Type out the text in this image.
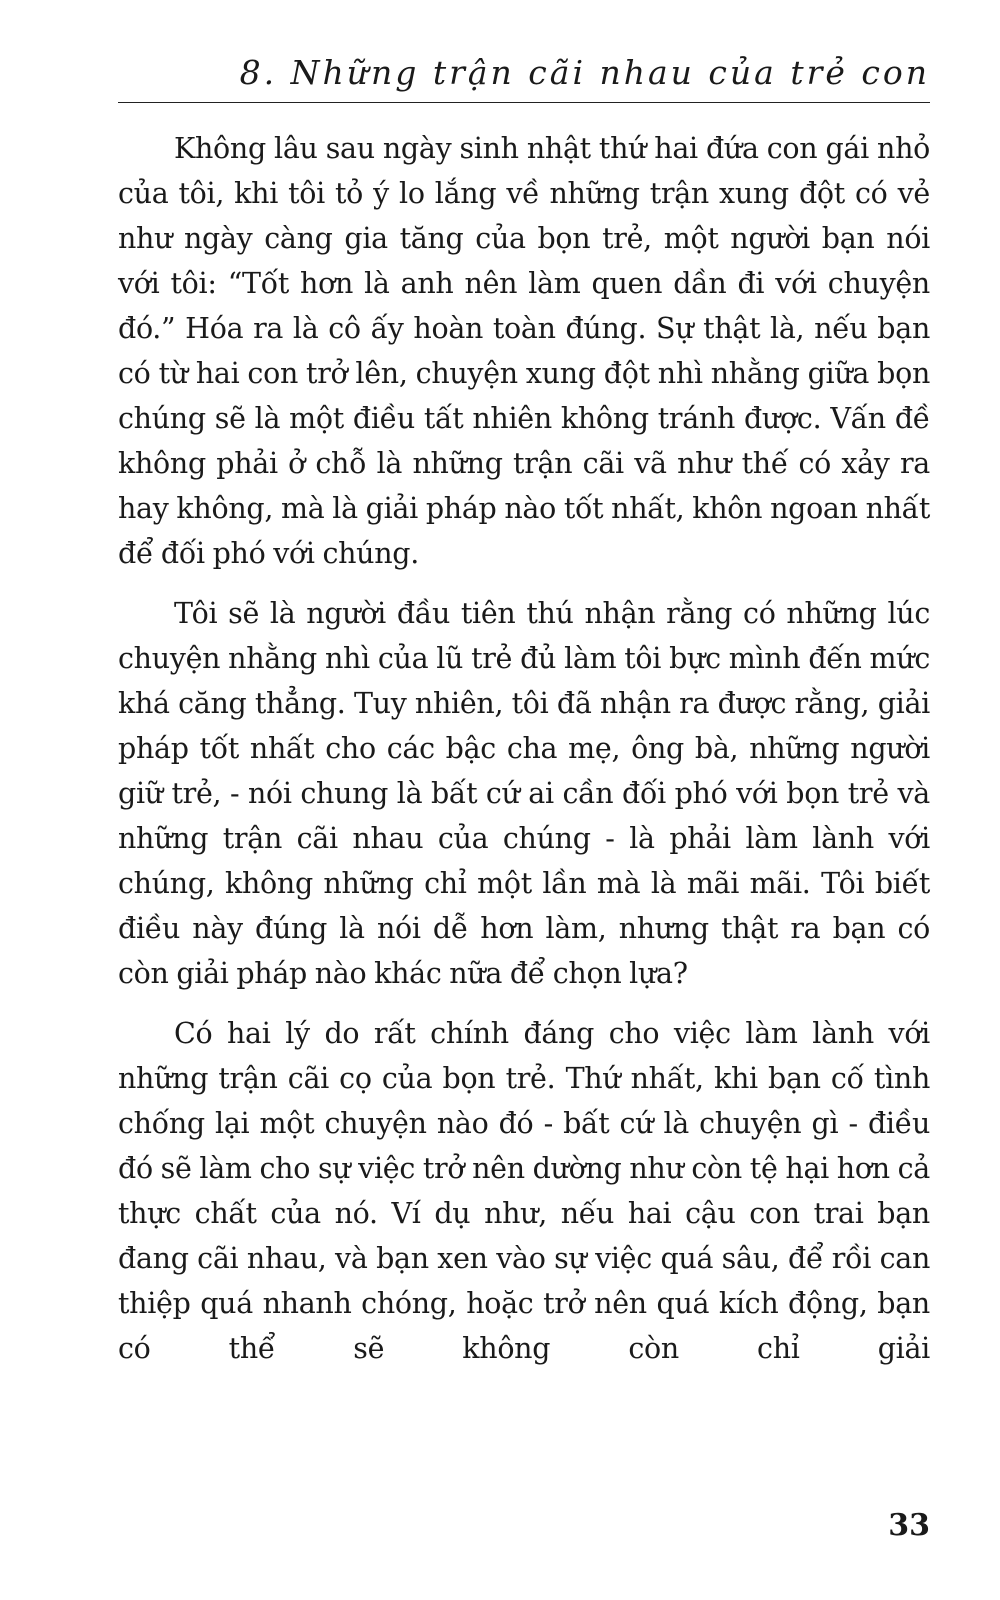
8. Những trận cãi nhau của trẻ con

Không lâu sau ngày sinh nhật thứ hai đứa con gái nhỏ của tôi, khi tôi tỏ ý lo lắng về những trận xung đột có vẻ như ngày càng gia tăng của bọn trẻ, một người bạn nói với tôi: “Tốt hơn là anh nên làm quen dần đi với chuyện đó.” Hóa ra là cô ấy hoàn toàn đúng. Sự thật là, nếu bạn có từ hai con trở lên, chuyện xung đột nhì nhằng giữa bọn chúng sẽ là một điều tất nhiên không tránh được. Vấn đề không phải ở chỗ là những trận cãi vã như thế có xảy ra hay không, mà là giải pháp nào tốt nhất, khôn ngoan nhất để đối phó với chúng.

Tôi sẽ là người đầu tiên thú nhận rằng có những lúc chuyện nhằng nhì của lũ trẻ đủ làm tôi bực mình đến mức khá căng thẳng. Tuy nhiên, tôi đã nhận ra được rằng, giải pháp tốt nhất cho các bậc cha mẹ, ông bà, những người giữ trẻ, - nói chung là bất cứ ai cần đối phó với bọn trẻ và những trận cãi nhau của chúng - là phải làm lành với chúng, không những chỉ một lần mà là mãi mãi. Tôi biết điều này đúng là nói dễ hơn làm, nhưng thật ra bạn có còn giải pháp nào khác nữa để chọn lựa?

Có hai lý do rất chính đáng cho việc làm lành với những trận cãi cọ của bọn trẻ. Thứ nhất, khi bạn cố tình chống lại một chuyện nào đó - bất cứ là chuyện gì - điều đó sẽ làm cho sự việc trở nên dường như còn tệ hại hơn cả thực chất của nó. Ví dụ như, nếu hai cậu con trai bạn đang cãi nhau, và bạn xen vào sự việc quá sâu, để rồi can thiệp quá nhanh chóng, hoặc trở nên quá kích động, bạn có thể sẽ không còn chỉ giải

33
